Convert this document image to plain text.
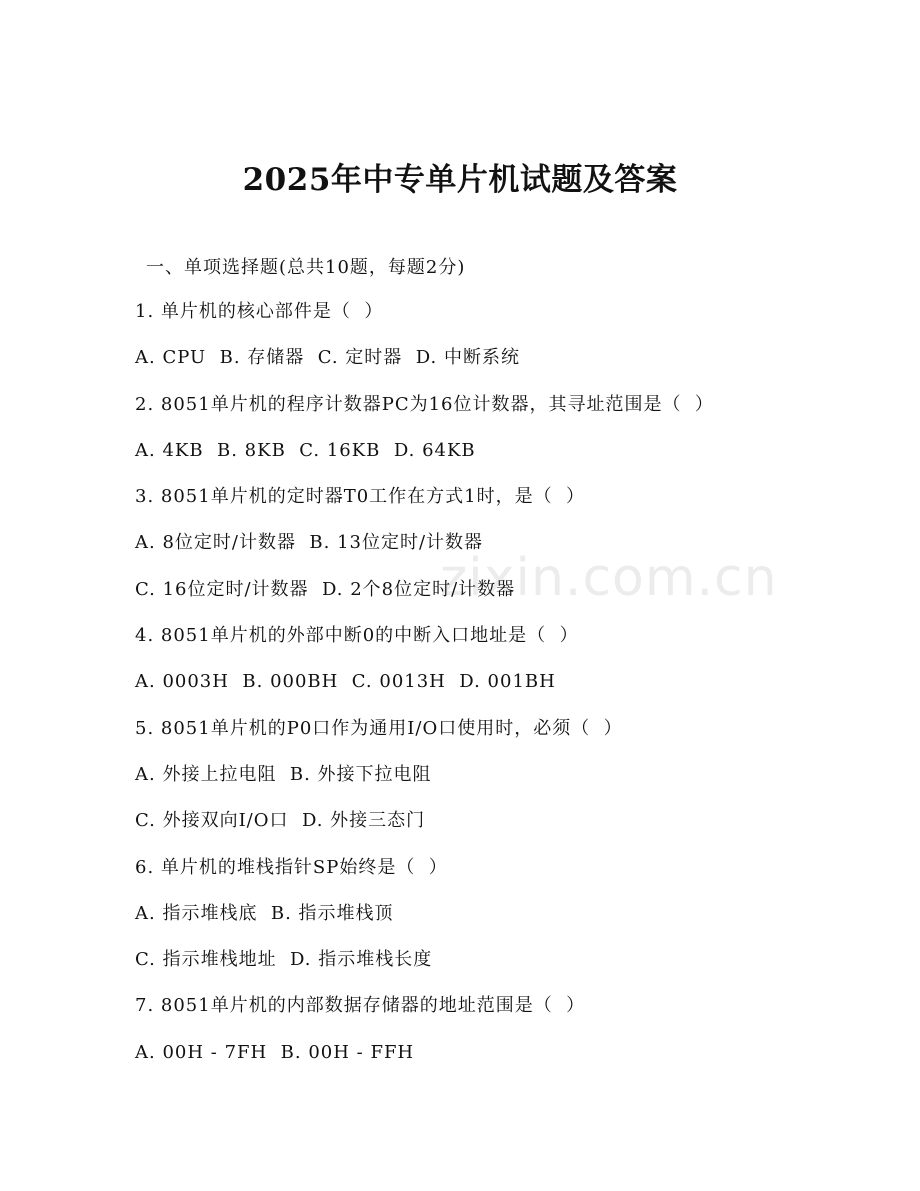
zixin.com.cn
2025年中专单片机试题及答案
一、单项选择题(总共10题，每题2分)
1. 单片机的核心部件是（  ）
A. CPU  B. 存储器  C. 定时器  D. 中断系统
2. 8051单片机的程序计数器PC为16位计数器，其寻址范围是（  ）
A. 4KB  B. 8KB  C. 16KB  D. 64KB
3. 8051单片机的定时器T0工作在方式1时，是（  ）
A. 8位定时/计数器  B. 13位定时/计数器
C. 16位定时/计数器  D. 2个8位定时/计数器
4. 8051单片机的外部中断0的中断入口地址是（  ）
A. 0003H  B. 000BH  C. 0013H  D. 001BH
5. 8051单片机的P0口作为通用I/O口使用时，必须（  ）
A. 外接上拉电阻  B. 外接下拉电阻
C. 外接双向I/O口  D. 外接三态门
6. 单片机的堆栈指针SP始终是（  ）
A. 指示堆栈底  B. 指示堆栈顶
C. 指示堆栈地址  D. 指示堆栈长度
7. 8051单片机的内部数据存储器的地址范围是（  ）
A. 00H - 7FH  B. 00H - FFH
